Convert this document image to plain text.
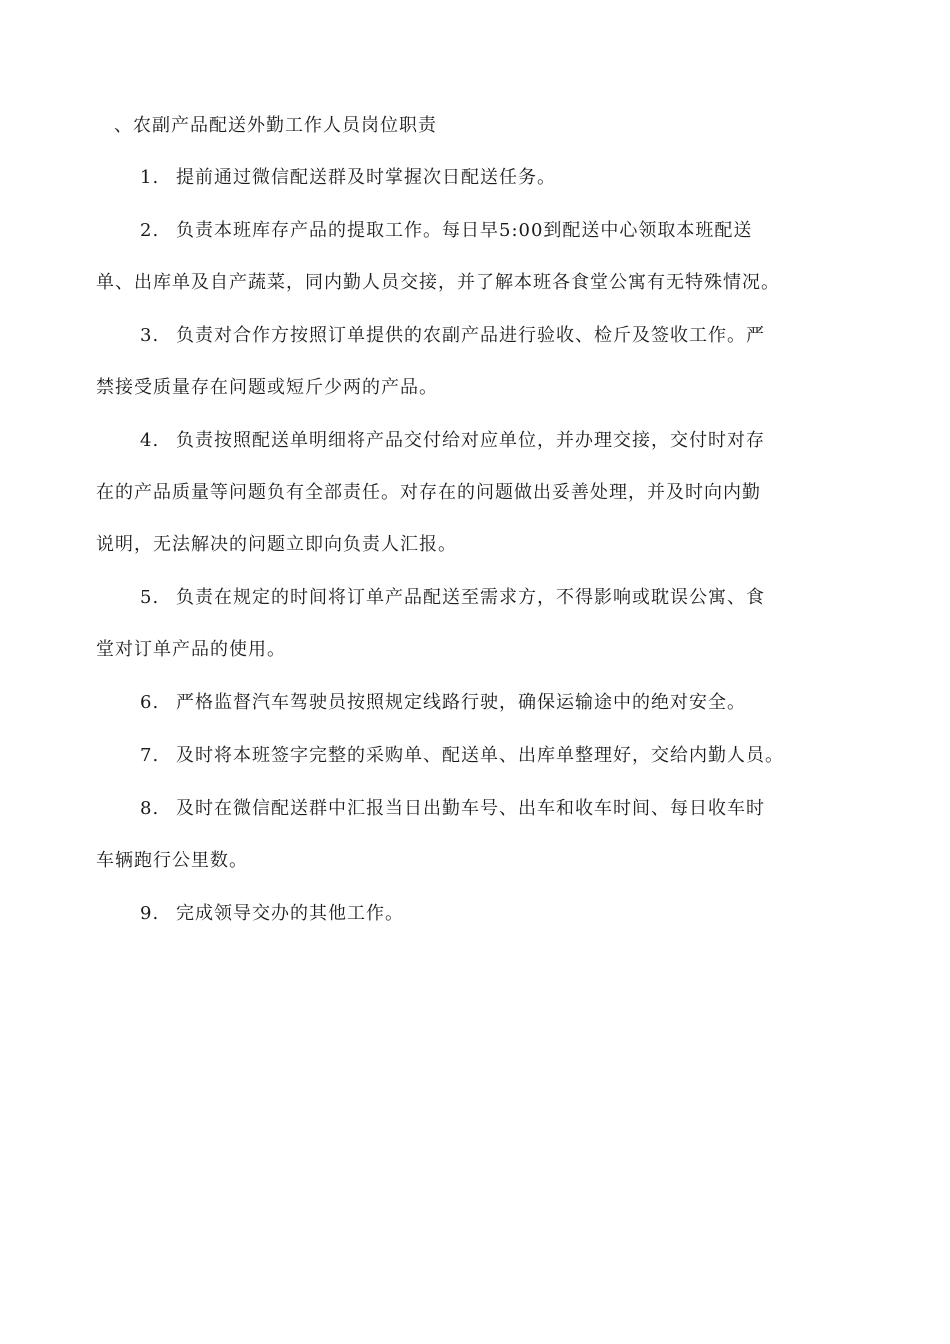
、农副产品配送外勤工作人员岗位职责
1. 提前通过微信配送群及时掌握次日配送任务。
2. 负责本班库存产品的提取工作。每日早5:00到配送中心领取本班配送
单、出库单及自产蔬菜，同内勤人员交接，并了解本班各食堂公寓有无特殊情况。
3. 负责对合作方按照订单提供的农副产品进行验收、检斤及签收工作。严
禁接受质量存在问题或短斤少两的产品。
4. 负责按照配送单明细将产品交付给对应单位，并办理交接，交付时对存
在的产品质量等问题负有全部责任。对存在的问题做出妥善处理，并及时向内勤
说明，无法解决的问题立即向负责人汇报。
5. 负责在规定的时间将订单产品配送至需求方，不得影响或耽误公寓、食
堂对订单产品的使用。
6. 严格监督汽车驾驶员按照规定线路行驶，确保运输途中的绝对安全。
7. 及时将本班签字完整的采购单、配送单、出库单整理好，交给内勤人员。
8. 及时在微信配送群中汇报当日出勤车号、出车和收车时间、每日收车时
车辆跑行公里数。
9. 完成领导交办的其他工作。
